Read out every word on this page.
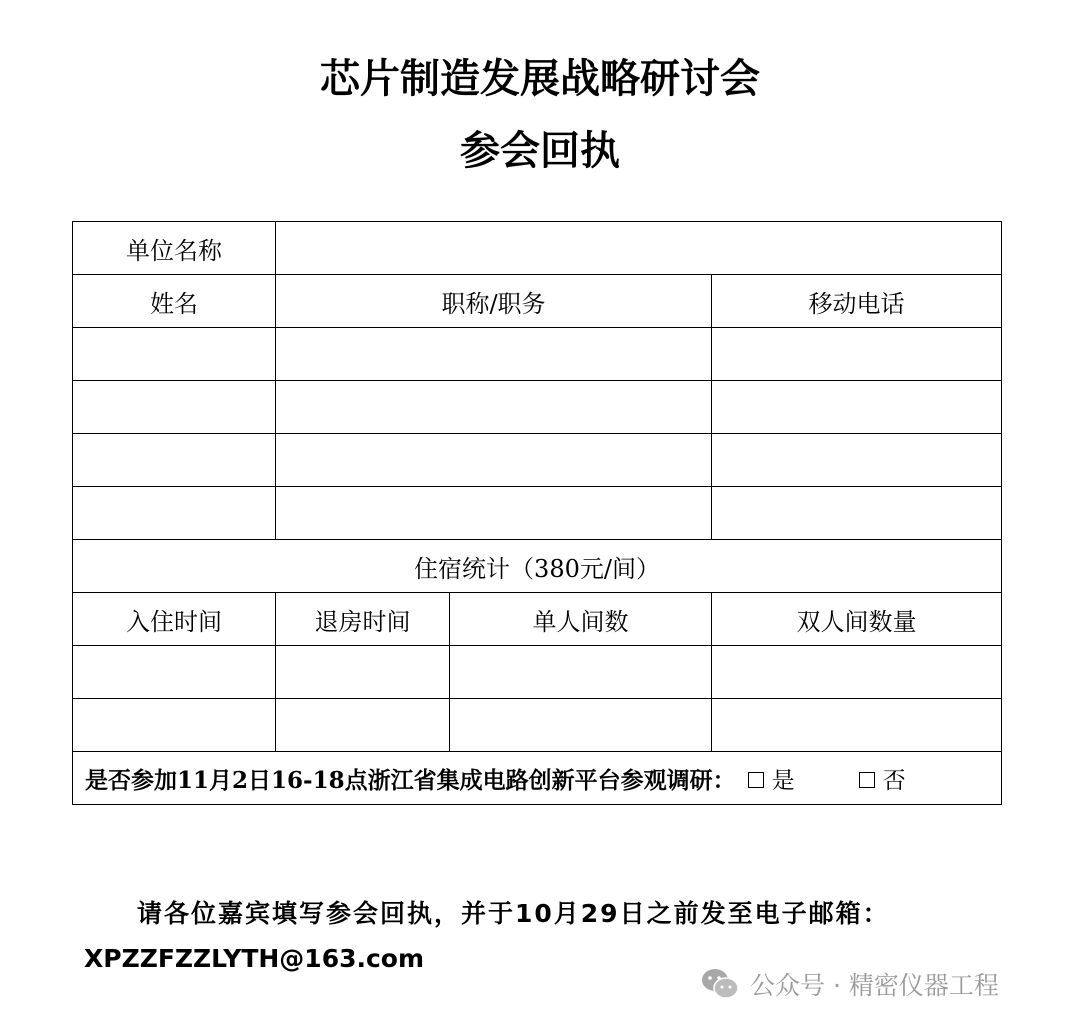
芯片制造发展战略研讨会
参会回执
单位名称			
姓名	职称/职务		移动电话

住宿统计（380元/间）			
入住时间	退房时间	单人间数	双人间数量

是否参加11月2日16-18点浙江省集成电路创新平台参观调研： 是 否			
请各位嘉宾填写参会回执，并于10月29日之前发至电子邮箱：
XPZZFZZLYTH@163.com
公众号 · 精密仪器工程
